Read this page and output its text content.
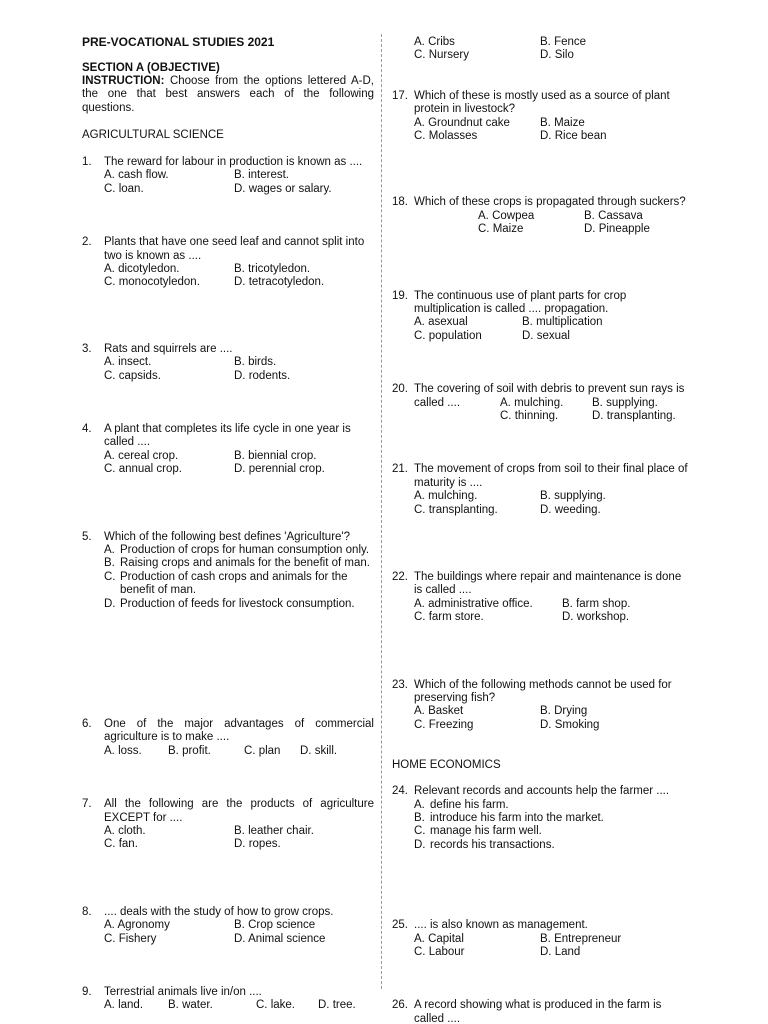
PRE-VOCATIONAL STUDIES 2021
SECTION A (OBJECTIVE)
INSTRUCTION: Choose from the options lettered A-D, the one that best answers each of the following questions.
AGRICULTURAL SCIENCE
1. The reward for labour in production is known as ....
A. cash flow.	B. interest.
C. loan.	D. wages or salary.
2. Plants that have one seed leaf and cannot split into two is known as ....
A. dicotyledon.	B. tricotyledon.
C. monocotyledon.	D. tetracotyledon.
3. Rats and squirrels are ....
A. insect.	B. birds.
C. capsids.	D. rodents.
4. A plant that completes its life cycle in one year is called ....
A. cereal crop.	B. biennial crop.
C. annual crop.	D. perennial crop.
5. Which of the following best defines 'Agriculture'?
A. Production of crops for human consumption only.
B. Raising crops and animals for the benefit of man.
C. Production of cash crops and animals for the benefit of man.
D. Production of feeds for livestock consumption.
6. One of the major advantages of commercial agriculture is to make ....
A. loss. B. profit.	C. plan D. skill.
7. All the following are the products of agriculture EXCEPT for ....
A. cloth.	B. leather chair.
C. fan.	D. ropes.
8. .... deals with the study of how to grow crops.
A. Agronomy	B. Crop science
C. Fishery	D. Animal science
9. Terrestrial animals live in/on ....
A. land. B. water.	C. lake. D. tree.
A. Cribs	B. Fence
C. Nursery	D. Silo
17. Which of these is mostly used as a source of plant protein in livestock?
A. Groundnut cake	B. Maize
C. Molasses	D. Rice bean
18. Which of these crops is propagated through suckers?
A. Cowpea	B. Cassava
C. Maize	D. Pineapple
19. The continuous use of plant parts for crop multiplication is called .... propagation.
A. asexual	B. multiplication
C. population	D. sexual
20. The covering of soil with debris to prevent sun rays is called ....	A. mulching. B. supplying.
C. thinning.	D. transplanting.
21. The movement of crops from soil to their final place of maturity is ....
A. mulching.	B. supplying.
C. transplanting.	D. weeding.
22. The buildings where repair and maintenance is done is called ....
A. administrative office.	B. farm shop.
C. farm store.	D. workshop.
23. Which of the following methods cannot be used for preserving fish?
A. Basket	B. Drying
C. Freezing	D. Smoking
24. Relevant records and accounts help the farmer ....
A. define his farm.
B. introduce his farm into the market.
C. manage his farm well.
D. records his transactions.
25. .... is also known as management.
A. Capital	B. Entrepreneur
C. Labour	D. Land
26. A record showing what is produced in the farm is called ....
HOME ECONOMICS
